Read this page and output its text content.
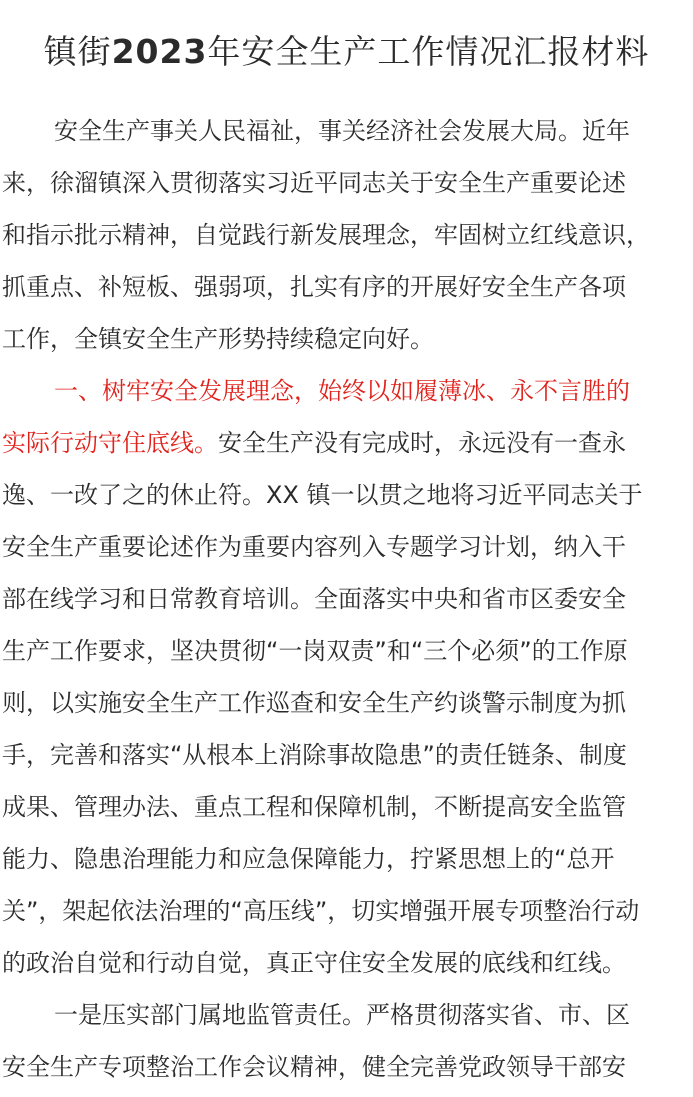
镇街2023年安全生产工作情况汇报材料
安全生产事关人民福祉，事关经济社会发展大局。近年
来，徐溜镇深入贯彻落实习近平同志关于安全生产重要论述
和指示批示精神，自觉践行新发展理念，牢固树立红线意识，
抓重点、补短板、强弱项，扎实有序的开展好安全生产各项
工作，全镇安全生产形势持续稳定向好。
一、树牢安全发展理念，始终以如履薄冰、永不言胜的
实际行动守住底线。安全生产没有完成时，永远没有一查永
逸、一改了之的休止符。XX 镇一以贯之地将习近平同志关于
安全生产重要论述作为重要内容列入专题学习计划，纳入干
部在线学习和日常教育培训。全面落实中央和省市区委安全
生产工作要求，坚决贯彻“一岗双责”和“三个必须”的工作原
则，以实施安全生产工作巡查和安全生产约谈警示制度为抓
手，完善和落实“从根本上消除事故隐患”的责任链条、制度
成果、管理办法、重点工程和保障机制，不断提高安全监管
能力、隐患治理能力和应急保障能力，拧紧思想上的“总开
关”，架起依法治理的“高压线”，切实增强开展专项整治行动
的政治自觉和行动自觉，真正守住安全发展的底线和红线。
一是压实部门属地监管责任。严格贯彻落实省、市、区
安全生产专项整治工作会议精神，健全完善党政领导干部安
